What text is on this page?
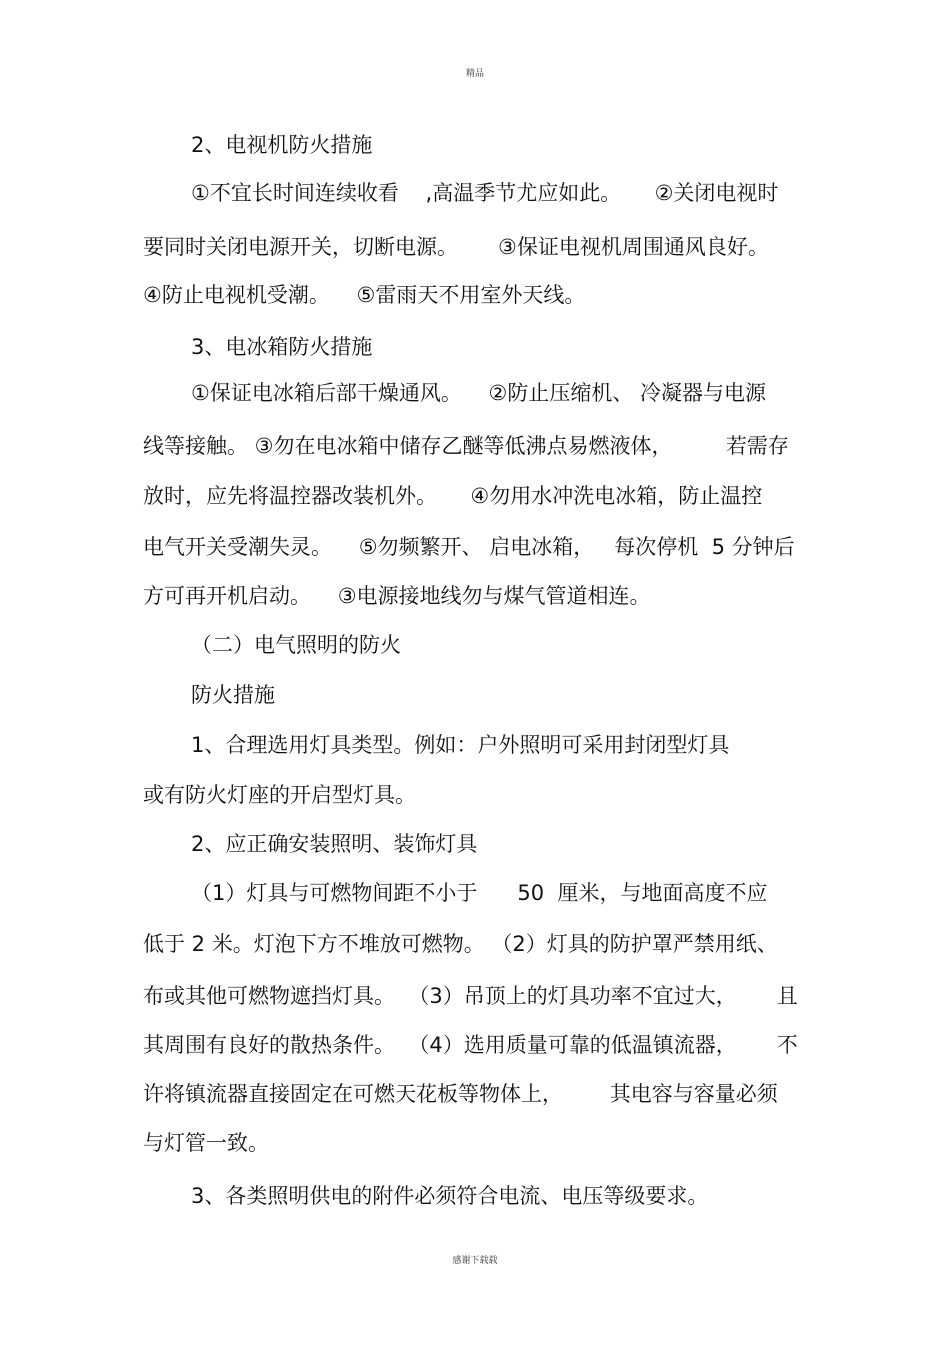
精品
2、电视机防火措施
①不宜长时间连续收看    ,高温季节尤应如此。     ②关闭电视时
要同时关闭电源开关，切断电源。      ③保证电视机周围通风良好。
④防止电视机受潮。    ⑤雷雨天不用室外天线。
3、电冰箱防火措施
①保证电冰箱后部干燥通风。    ②防止压缩机、 冷凝器与电源
线等接触。 ③勿在电冰箱中储存乙醚等低沸点易燃液体，        若需存
放时，应先将温控器改装机外。     ④勿用水冲洗电冰箱，防止温控
电气开关受潮失灵。    ⑤勿频繁开、 启电冰箱，   每次停机  5 分钟后
方可再开机启动。    ③电源接地线勿与煤气管道相连。
（二）电气照明的防火
防火措施
1、合理选用灯具类型。例如：户外照明可采用封闭型灯具
或有防火灯座的开启型灯具。
2、应正确安装照明、装饰灯具
（1）灯具与可燃物间距不小于      50  厘米，与地面高度不应
低于 2 米。灯泡下方不堆放可燃物。 （2）灯具的防护罩严禁用纸、
布或其他可燃物遮挡灯具。  （3）吊顶上的灯具功率不宜过大，      且
其周围有良好的散热条件。  （4）选用质量可靠的低温镇流器，      不
许将镇流器直接固定在可燃天花板等物体上，       其电容与容量必须
与灯管一致。
3、各类照明供电的附件必须符合电流、电压等级要求。
感谢下载载
